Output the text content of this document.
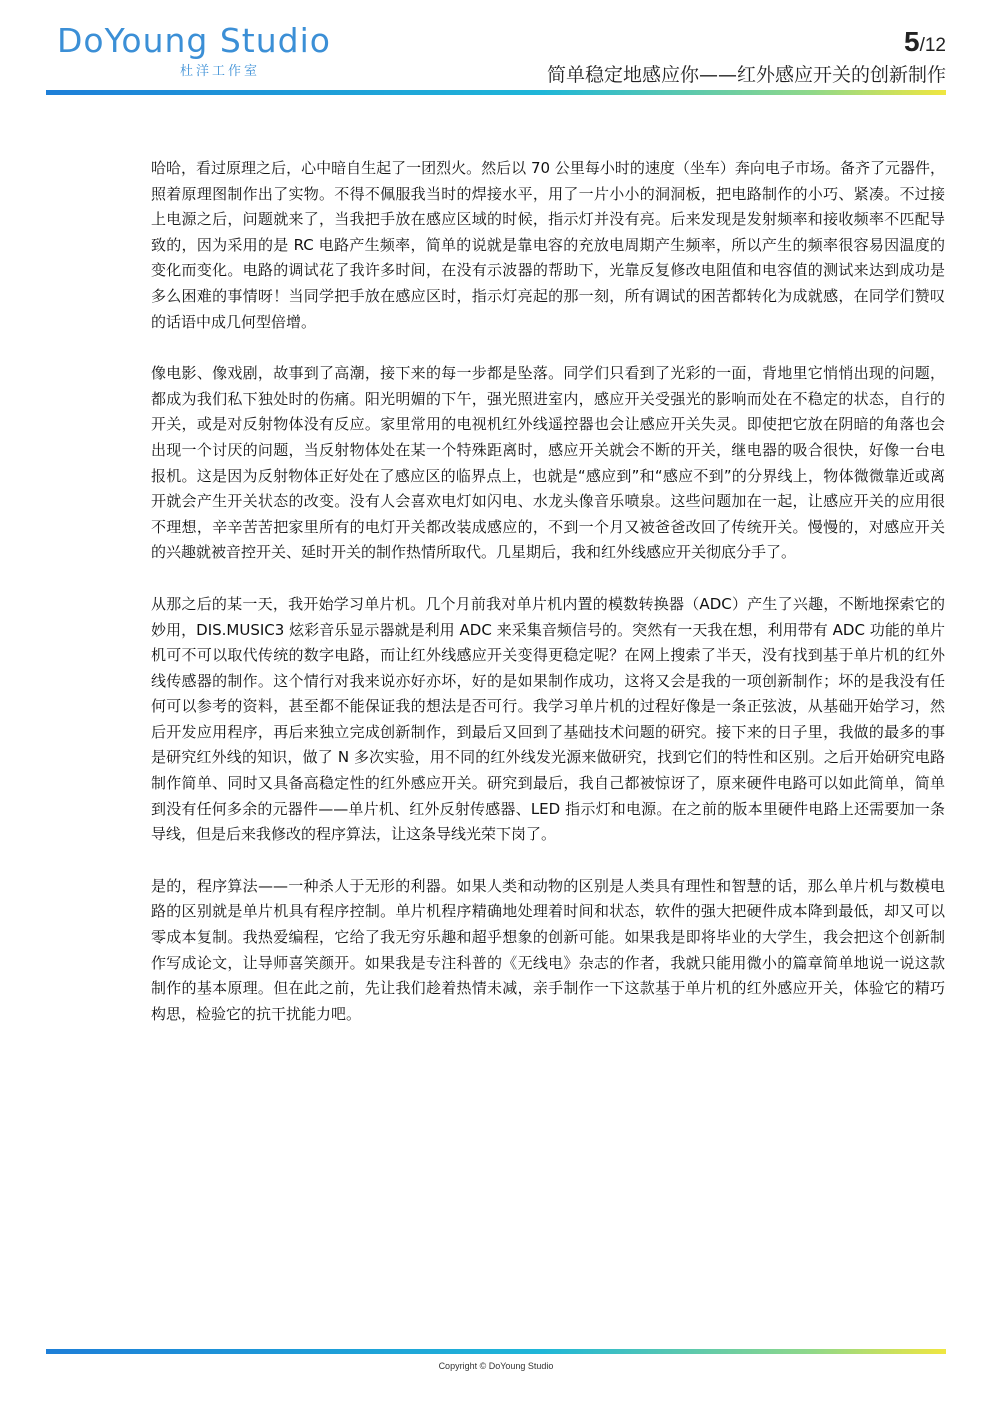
DoYoung Studio
杜洋工作室
5/12
简单稳定地感应你——红外感应开关的创新制作

哈哈，看过原理之后，心中暗自生起了一团烈火。然后以 70 公里每小时的速度（坐车）奔向电子市场。备齐了元器件，照着原理图制作出了实物。不得不佩服我当时的焊接水平，用了一片小小的洞洞板，把电路制作的小巧、紧凑。不过接上电源之后，问题就来了，当我把手放在感应区域的时候，指示灯并没有亮。后来发现是发射频率和接收频率不匹配导致的，因为采用的是 RC 电路产生频率，简单的说就是靠电容的充放电周期产生频率，所以产生的频率很容易因温度的变化而变化。电路的调试花了我许多时间，在没有示波器的帮助下，光靠反复修改电阻值和电容值的测试来达到成功是多么困难的事情呀！当同学把手放在感应区时，指示灯亮起的那一刻，所有调试的困苦都转化为成就感，在同学们赞叹的话语中成几何型倍增。

像电影、像戏剧，故事到了高潮，接下来的每一步都是坠落。同学们只看到了光彩的一面，背地里它悄悄出现的问题，都成为我们私下独处时的伤痛。阳光明媚的下午，强光照进室内，感应开关受强光的影响而处在不稳定的状态，自行的开关，或是对反射物体没有反应。家里常用的电视机红外线遥控器也会让感应开关失灵。即使把它放在阴暗的角落也会出现一个讨厌的问题，当反射物体处在某一个特殊距离时，感应开关就会不断的开关，继电器的吸合很快，好像一台电报机。这是因为反射物体正好处在了感应区的临界点上，也就是“感应到”和“感应不到”的分界线上，物体微微靠近或离开就会产生开关状态的改变。没有人会喜欢电灯如闪电、水龙头像音乐喷泉。这些问题加在一起，让感应开关的应用很不理想，辛辛苦苦把家里所有的电灯开关都改装成感应的，不到一个月又被爸爸改回了传统开关。慢慢的，对感应开关的兴趣就被音控开关、延时开关的制作热情所取代。几星期后，我和红外线感应开关彻底分手了。

从那之后的某一天，我开始学习单片机。几个月前我对单片机内置的模数转换器（ADC）产生了兴趣，不断地探索它的妙用，DIS.MUSIC3 炫彩音乐显示器就是利用 ADC 来采集音频信号的。突然有一天我在想，利用带有 ADC 功能的单片机可不可以取代传统的数字电路，而让红外线感应开关变得更稳定呢？在网上搜索了半天，没有找到基于单片机的红外线传感器的制作。这个情行对我来说亦好亦坏，好的是如果制作成功，这将又会是我的一项创新制作；坏的是我没有任何可以参考的资料，甚至都不能保证我的想法是否可行。我学习单片机的过程好像是一条正弦波，从基础开始学习，然后开发应用程序，再后来独立完成创新制作，到最后又回到了基础技术问题的研究。接下来的日子里，我做的最多的事是研究红外线的知识，做了 N 多次实验，用不同的红外线发光源来做研究，找到它们的特性和区别。之后开始研究电路制作简单、同时又具备高稳定性的红外感应开关。研究到最后，我自己都被惊讶了，原来硬件电路可以如此简单，简单到没有任何多余的元器件——单片机、红外反射传感器、LED 指示灯和电源。在之前的版本里硬件电路上还需要加一条导线，但是后来我修改的程序算法，让这条导线光荣下岗了。

是的，程序算法——一种杀人于无形的利器。如果人类和动物的区别是人类具有理性和智慧的话，那么单片机与数模电路的区别就是单片机具有程序控制。单片机程序精确地处理着时间和状态，软件的强大把硬件成本降到最低，却又可以零成本复制。我热爱编程，它给了我无穷乐趣和超乎想象的创新可能。如果我是即将毕业的大学生，我会把这个创新制作写成论文，让导师喜笑颜开。如果我是专注科普的《无线电》杂志的作者，我就只能用微小的篇章简单地说一说这款制作的基本原理。但在此之前，先让我们趁着热情未减，亲手制作一下这款基于单片机的红外感应开关，体验它的精巧构思，检验它的抗干扰能力吧。

Copyright © DoYoung Studio
